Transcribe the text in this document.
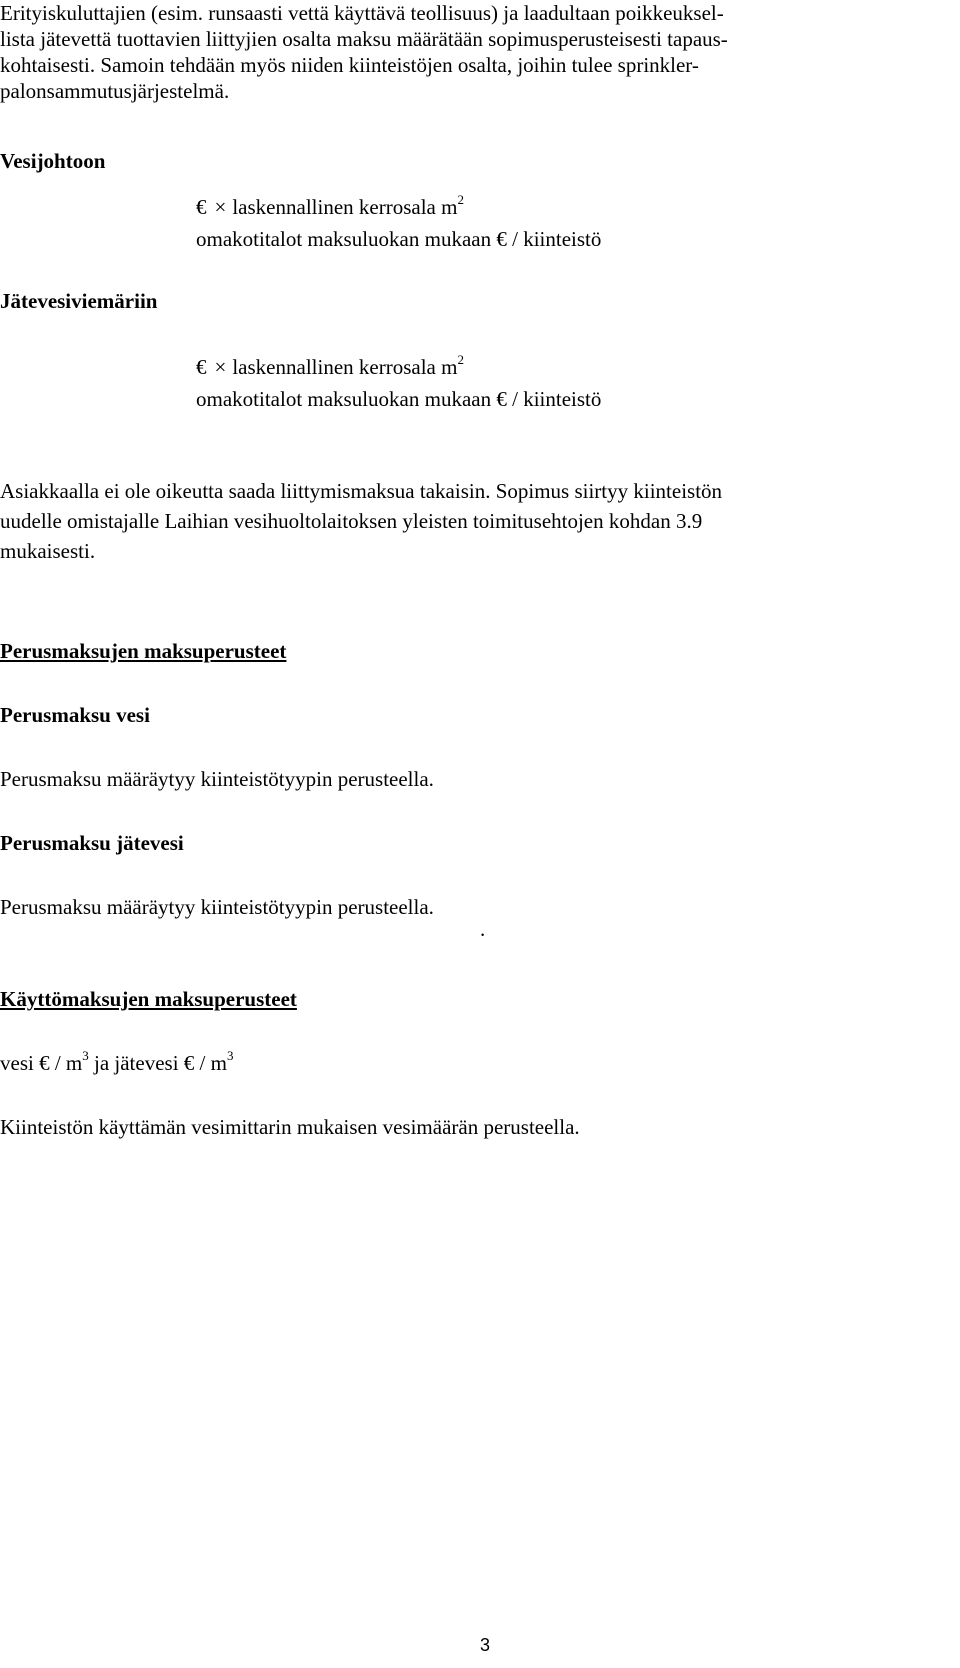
Erityiskuluttajien (esim. runsaasti vettä käyttävä teollisuus) ja laadultaan poikkeuksel-
lista jätevettä tuottavien liittyjien osalta maksu määrätään sopimusperusteisesti tapaus-
kohtaisesti. Samoin tehdään myös niiden kiinteistöjen osalta, joihin tulee sprinkler-
palonsammutusjärjestelmä.
Vesijohtoon
€ × laskennallinen kerrosala $m^2$
omakotitalot maksuluokan mukaan € / kiinteistö
Jätevesiviemäriin
€ × laskennallinen kerrosala $m^2$
omakotitalot maksuluokan mukaan € / kiinteistö
Asiakkaalla ei ole oikeutta saada liittymismaksua takaisin. Sopimus siirtyy kiinteistön
uudelle omistajalle Laihian vesihuoltolaitoksen yleisten toimitusehtojen kohdan 3.9
mukaisesti.
Perusmaksujen maksuperusteet
Perusmaksu vesi
Perusmaksu määräytyy kiinteistötyypin perusteella.
Perusmaksu jätevesi
Perusmaksu määräytyy kiinteistötyypin perusteella.
.
Käyttömaksujen maksuperusteet
vesi € / $m^3$ ja jätevesi € / $m^3$
Kiinteistön käyttämän vesimittarin mukaisen vesimäärän perusteella.
3
